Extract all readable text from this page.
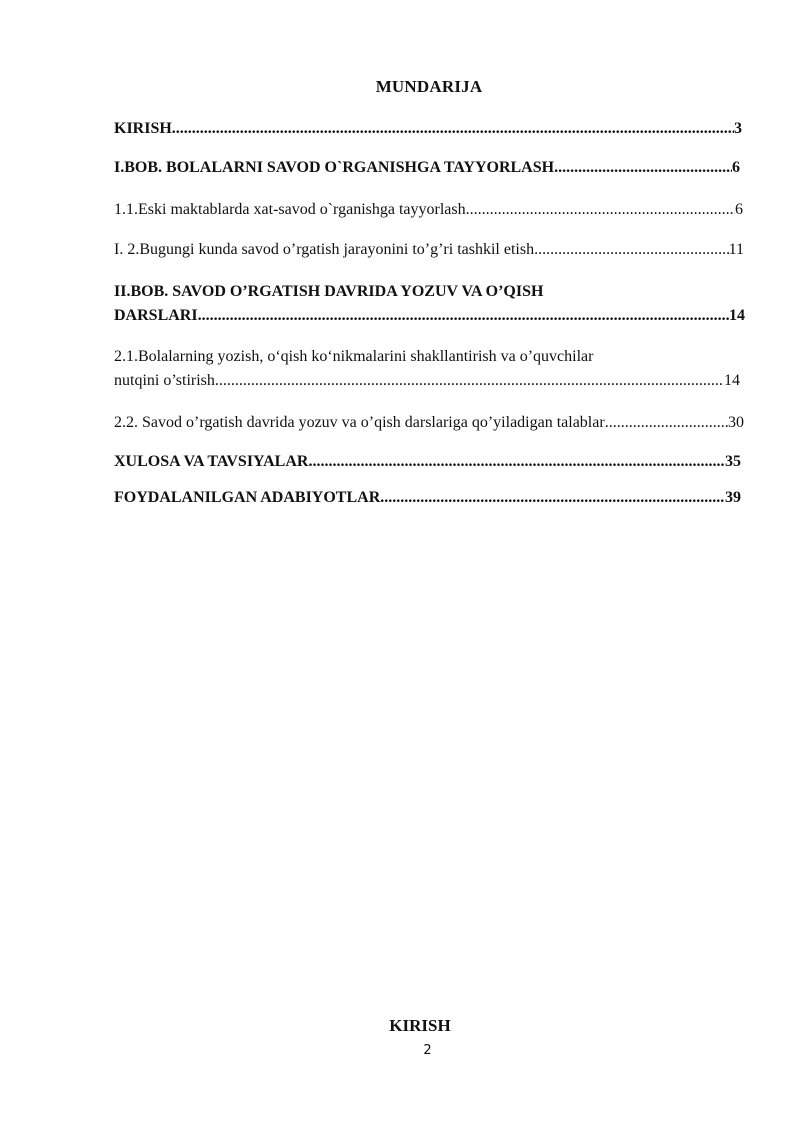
MUNDARIJA
KIRISH .....	3
I.BOB. BOLALARNI SAVOD O`RGANISHGA TAYYORLASH .....	6
1.1.Eski maktablarda xat-savod o`rganishga tayyorlash .....	6
I. 2.Bugungi kunda savod o’rgatish jarayonini to’g’ri tashkil etish .....	11
II.BOB. SAVOD O’RGATISH DAVRIDA YOZUV VA O’QISH
DARSLARI .....	14
2.1.Bolalarning yozish, o‘qish ko‘nikmalarini shakllantirish va o’quvchilar
nutqini o’stirish .....	14
2.2. Savod o’rgatish davrida yozuv va o’qish darslariga qo’yiladigan talablar .....	30
XULOSA VA TAVSIYALAR .....	35
FOYDALANILGAN ADABIYOTLAR .....	39
KIRISH
2
